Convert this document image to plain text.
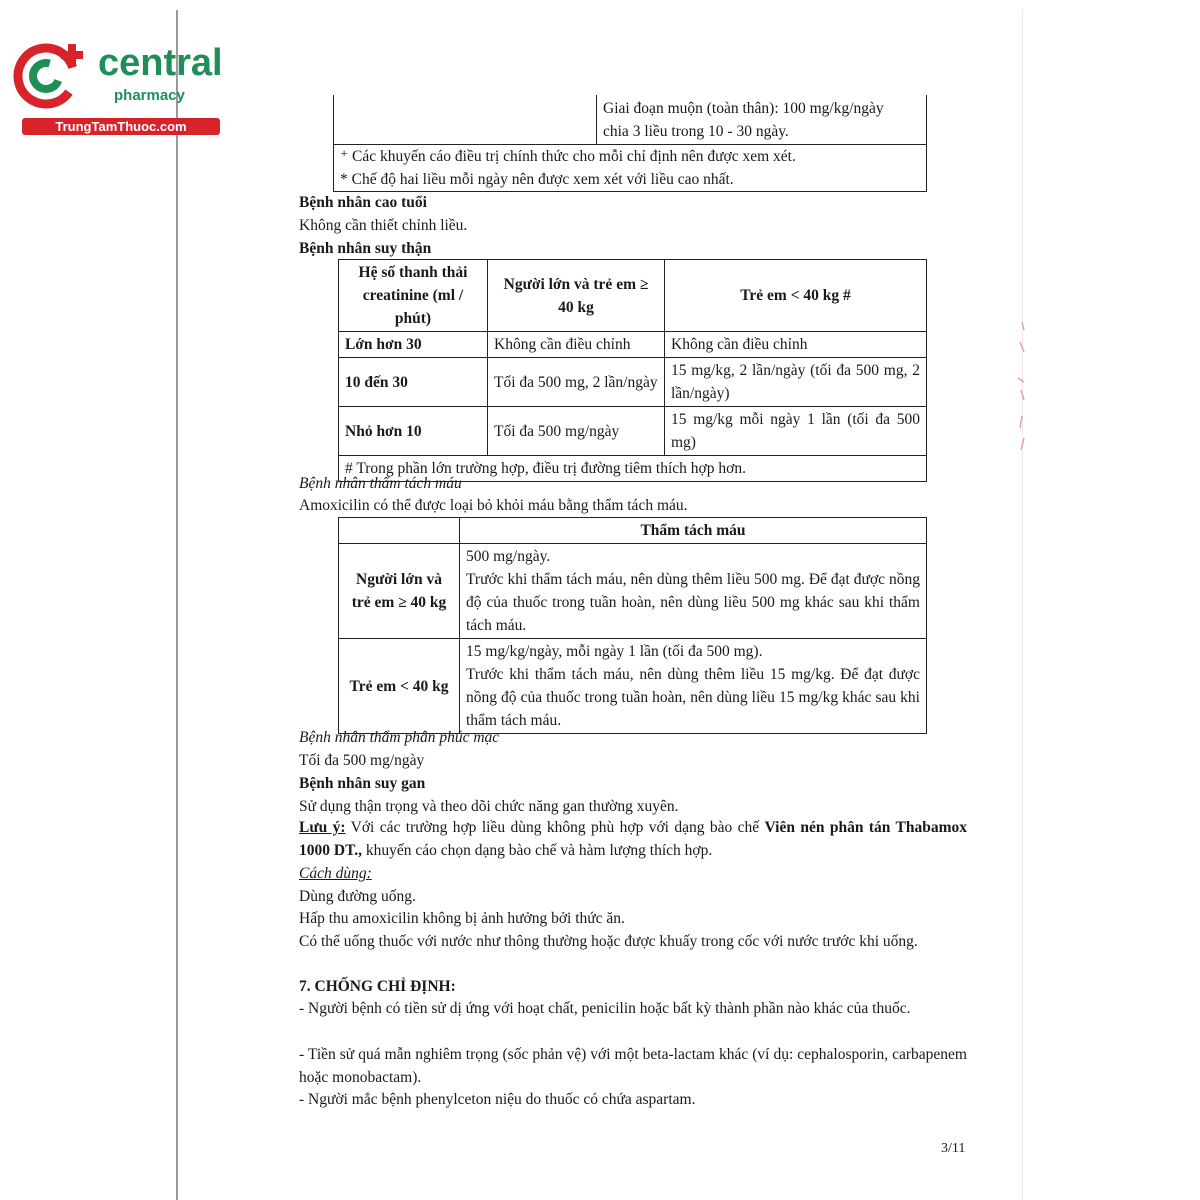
central
pharmacy
TrungTamThuoc.com

Giai đoạn muộn (toàn thân): 100 mg/kg/ngày
chia 3 liều trong 10 - 30 ngày.

⁺ Các khuyến cáo điều trị chính thức cho mỗi chỉ định nên được xem xét.
* Chế độ hai liều mỗi ngày nên được xem xét với liều cao nhất.
Bệnh nhân cao tuổi
Không cần thiết chỉnh liều.
Bệnh nhân suy thận
Bệnh nhân thẩm tách máu
Amoxicilin có thể được loại bỏ khỏi máu bằng thẩm tách máu.
Bệnh nhân thẩm phân phúc mạc
Tối đa 500 mg/ngày
Bệnh nhân suy gan
Sử dụng thận trọng và theo dõi chức năng gan thường xuyên.
Lưu ý: Với các trường hợp liều dùng không phù hợp với dạng bào chế Viên nén phân tán Thabamox 1000 DT., khuyến cáo chọn dạng bào chế và hàm lượng thích hợp.
Cách dùng:
Dùng đường uống.
Hấp thu amoxicilin không bị ảnh hưởng bởi thức ăn.
Có thể uống thuốc với nước như thông thường hoặc được khuấy trong cốc với nước trước khi uống.
7. CHỐNG CHỈ ĐỊNH:
- Người bệnh có tiền sử dị ứng với hoạt chất, penicilin hoặc bất kỳ thành phần nào khác của thuốc.
- Tiền sử quá mẫn nghiêm trọng (sốc phản vệ) với một beta-lactam khác (ví dụ: cephalosporin, carbapenem hoặc monobactam).
- Người mắc bệnh phenylceton niệu do thuốc có chứa aspartam.
Hệ số thanh thải creatinine (ml / phút)	Người lớn và trẻ em ≥ 40 kg	Trẻ em < 40 kg #
Lớn hơn 30	Không cần điều chỉnh	Không cần điều chỉnh
10 đến 30	Tối đa 500 mg, 2 lần/ngày	15 mg/kg, 2 lần/ngày (tối đa 500 mg, 2 lần/ngày)
Nhỏ hơn 10	Tối đa 500 mg/ngày	15 mg/kg mỗi ngày 1 lần (tối đa 500 mg)
# Trong phần lớn trường hợp, điều trị đường tiêm thích hợp hơn.		
	Thẩm tách máu
Người lớn và trẻ em ≥ 40 kg	500 mg/ngày.
Trước khi thẩm tách máu, nên dùng thêm liều 500 mg. Để đạt được nồng độ của thuốc trong tuần hoàn, nên dùng liều 500 mg khác sau khi thẩm tách máu.

Trẻ em < 40 kg	15 mg/kg/ngày, mỗi ngày 1 lần (tối đa 500 mg).
Trước khi thẩm tách máu, nên dùng thêm liều 15 mg/kg. Để đạt được nồng độ của thuốc trong tuần hoàn, nên dùng liều 15 mg/kg khác sau khi thẩm tách máu.
3/11
